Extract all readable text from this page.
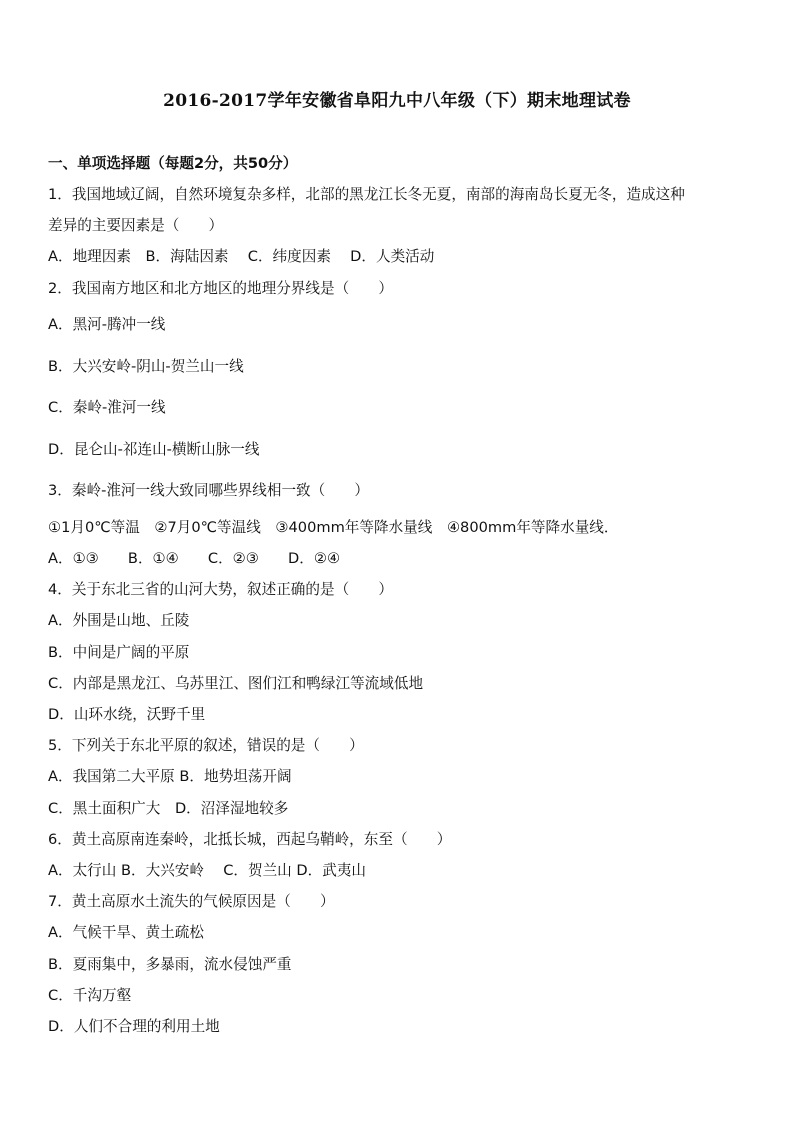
2016-2017学年安徽省阜阳九中八年级（下）期末地理试卷
一、单项选择题（每题2分，共50分）
1．我国地域辽阔，自然环境复杂多样，北部的黑龙江长冬无夏，南部的海南岛长夏无冬，造成这种
差异的主要因素是（　　）
A．地理因素　B．海陆因素　 C．纬度因素　 D．人类活动
2．我国南方地区和北方地区的地理分界线是（　　）
A．黑河-腾冲一线
B．大兴安岭-阴山-贺兰山一线
C．秦岭-淮河一线
D．昆仑山-祁连山-横断山脉一线
3．秦岭-淮河一线大致同哪些界线相一致（　　）
①1月0℃等温　②7月0℃等温线　③400mm年等降水量线　④800mm年等降水量线．
A．①③　　B．①④　　C．②③　　D．②④
4．关于东北三省的山河大势，叙述正确的是（　　）
A．外围是山地、丘陵
B．中间是广阔的平原
C．内部是黑龙江、乌苏里江、图们江和鸭绿江等流域低地
D．山环水绕，沃野千里
5．下列关于东北平原的叙述，错误的是（　　）
A．我国第二大平原 B．地势坦荡开阔
C．黑土面积广大　D．沼泽湿地较多
6．黄土高原南连秦岭，北抵长城，西起乌鞘岭，东至（　　）
A．太行山 B．大兴安岭　 C．贺兰山 D．武夷山
7．黄土高原水土流失的气候原因是（　　）
A．气候干旱、黄土疏松
B．夏雨集中，多暴雨，流水侵蚀严重
C．千沟万壑
D．人们不合理的利用土地
